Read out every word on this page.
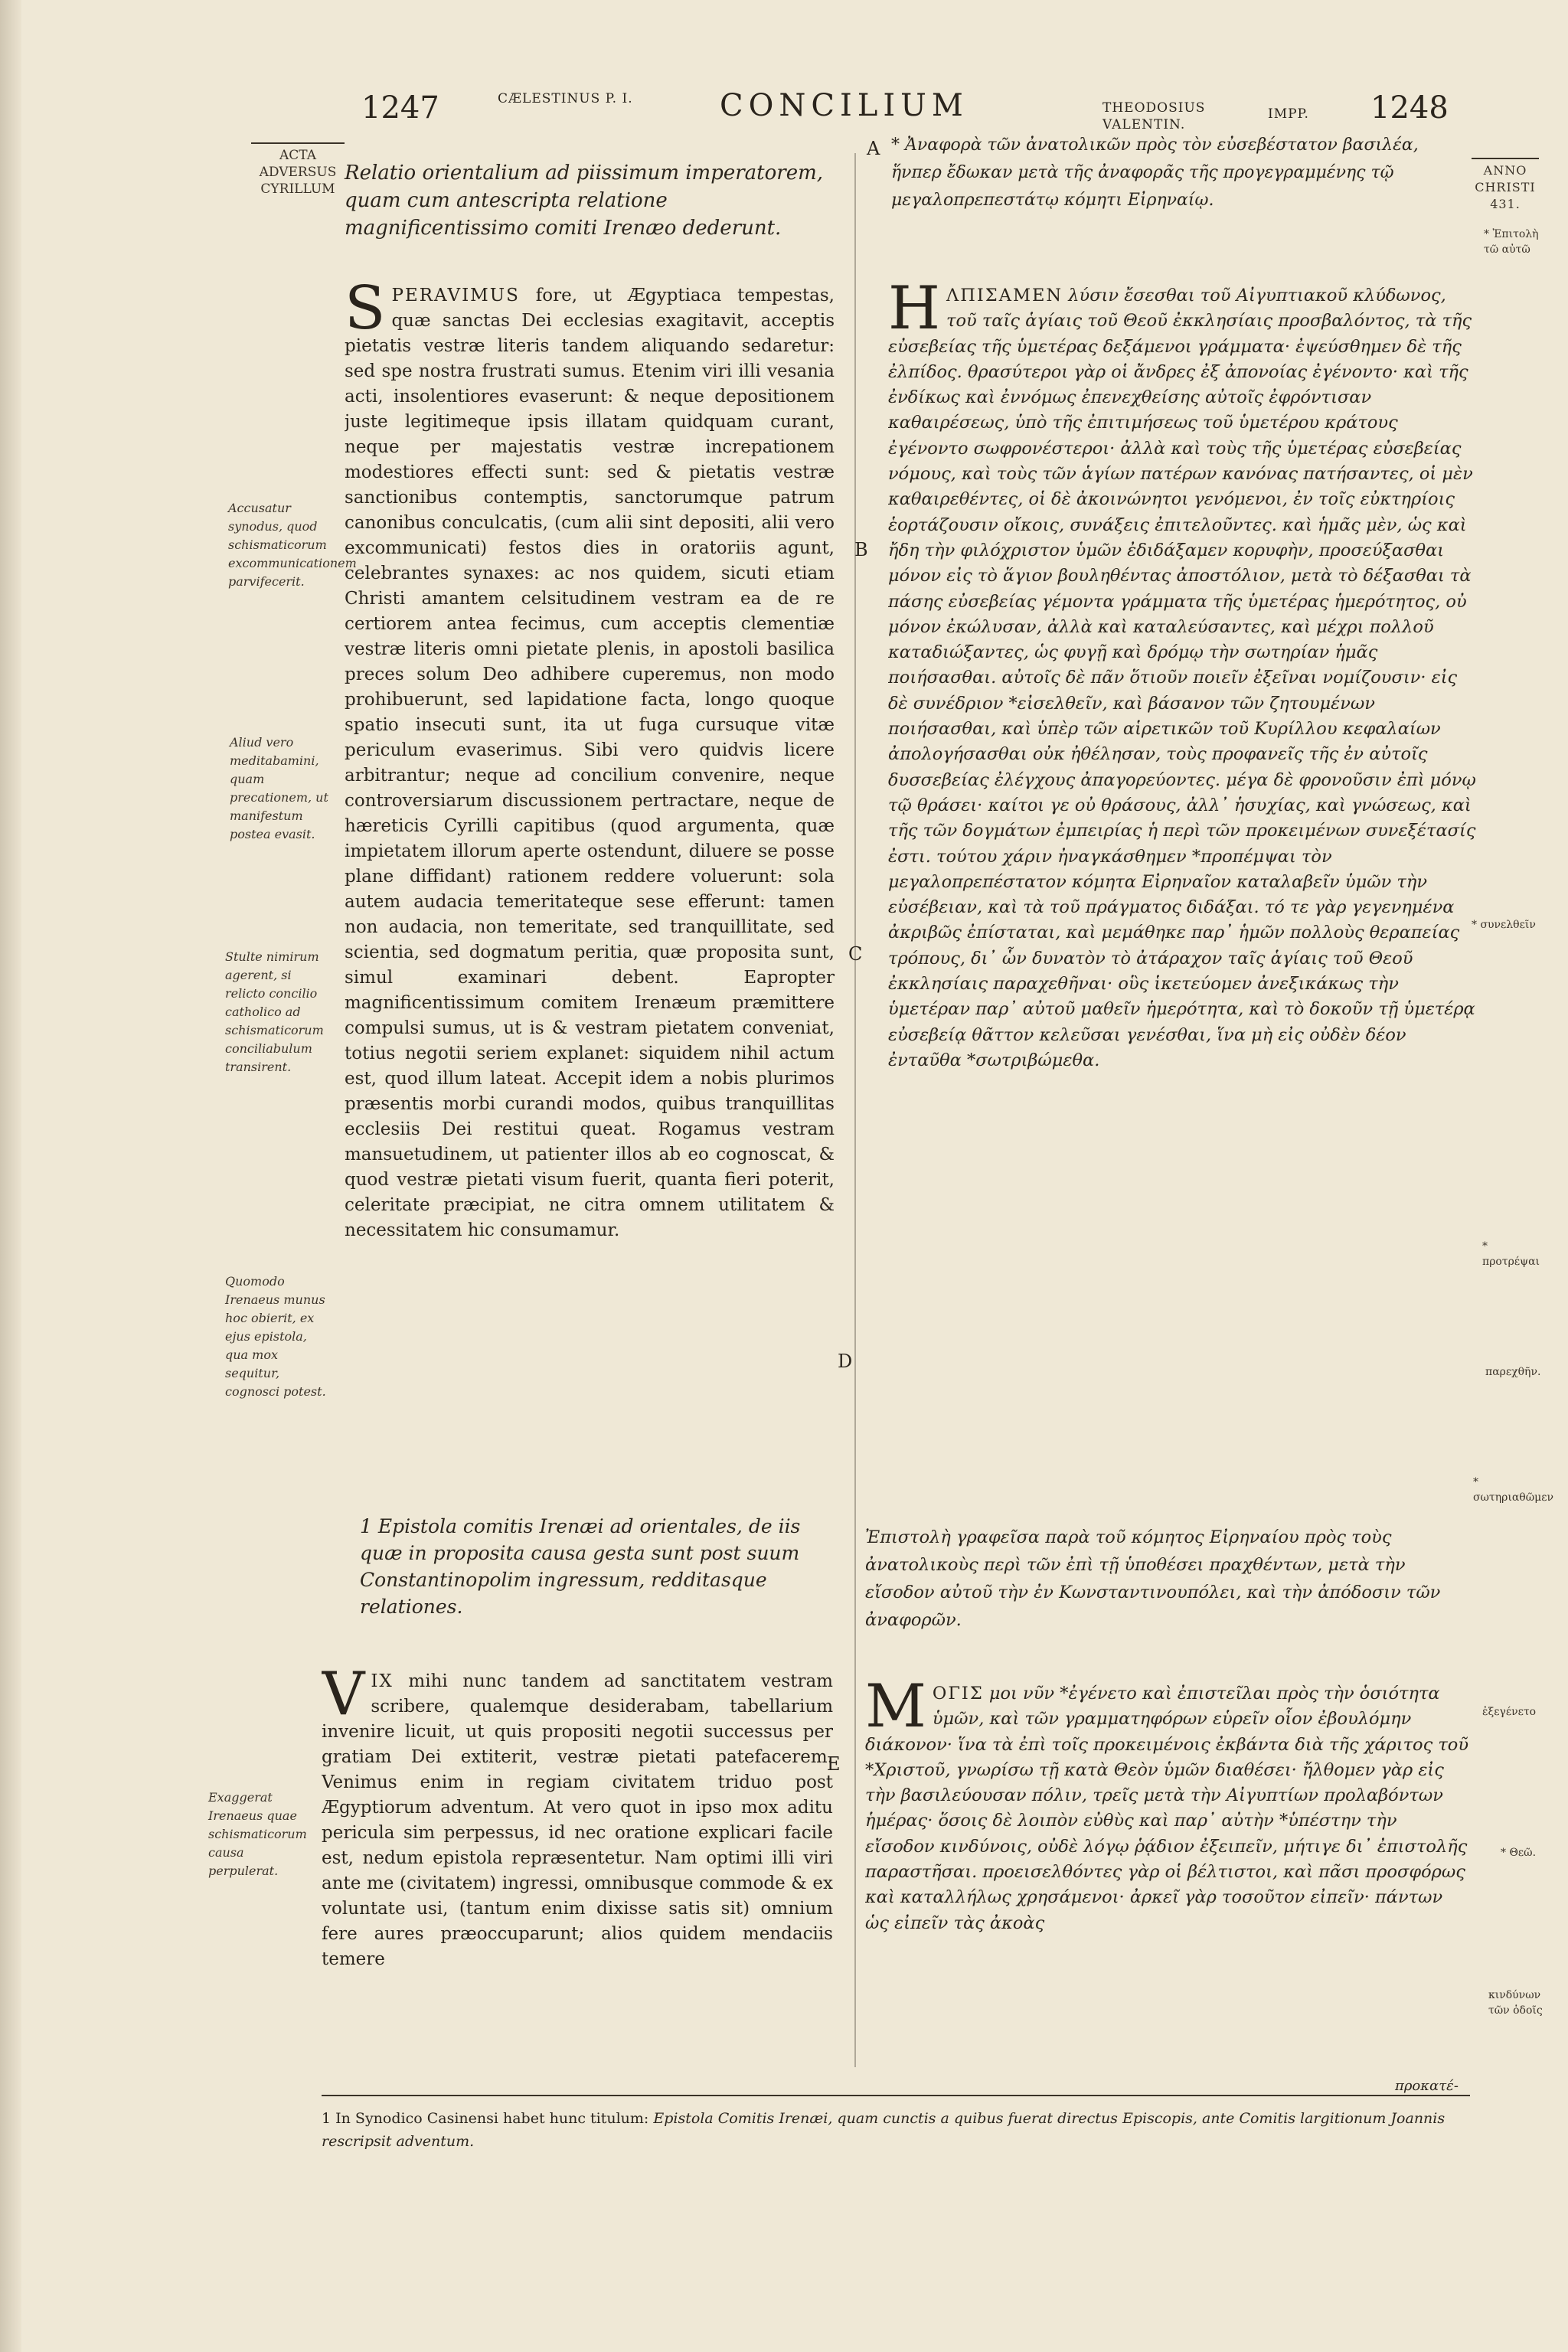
1247	CÆLESTINUS P. I.	CONCILIUM	THEODOSIUS VALENTIN.
IMPP. 1248
ACTA ADVERSUS CYRILLUM
Accusatur synodus, quod schismaticorum excommunicationem parvifecerit.
Aliud vero meditabamini, quam precationem, ut manifestum postea evasit.
Stulte nimirum agerent, si relicto concilio catholico ad schismaticorum conciliabulum transirent.
Quomodo Irenaeus munus hoc obierit, ex ejus epistola, qua mox sequitur, cognosci potest.
Exaggerat Irenaeus quae schismaticorum causa perpulerat.
ANNO CHRISTI 431.
* Ἐπιτολὴ τῶ αὐτῶ
* συνελθεῖν
* προτρέψαι
παρεχθῆν.
* σωτηριαθῶμεν
ἐξεγένετο
* Θεῶ.
κινδύνων τῶν ὁδοῖς
A
B
C
D
E
Relatio orientalium ad piissimum imperatorem, quam cum antescripta relatione magnificentissimo comiti Irenæo dederunt.
SPERAVIMUS fore, ut Ægyptiaca tempestas, quæ sanctas Dei ecclesias exagitavit, acceptis pietatis vestræ literis tandem aliquando sedaretur: sed spe nostra frustrati sumus. Etenim viri illi vesania acti, insolentiores evaserunt: & neque depositionem juste legitimeque ipsis illatam quidquam curant, neque per majestatis vestræ increpationem modestiores effecti sunt: sed & pietatis vestræ sanctionibus contemptis, sanctorumque patrum canonibus conculcatis, (cum alii sint depositi, alii vero excommunicati) festos dies in oratoriis agunt, celebrantes synaxes: ac nos quidem, sicuti etiam Christi amantem celsitudinem vestram ea de re certiorem antea fecimus, cum acceptis clementiæ vestræ literis omni pietate plenis, in apostoli basilica preces solum Deo adhibere cuperemus, non modo prohibuerunt, sed lapidatione facta, longo quoque spatio insecuti sunt, ita ut fuga cursuque vitæ periculum evaserimus. Sibi vero quidvis licere arbitrantur; neque ad concilium convenire, neque controversiarum discussionem pertractare, neque de hæreticis Cyrilli capitibus (quod argumenta, quæ impietatem illorum aperte ostendunt, diluere se posse plane diffidant) rationem reddere voluerunt: sola autem audacia temeritateque sese efferunt: tamen non audacia, non temeritate, sed tranquillitate, sed scientia, sed dogmatum peritia, quæ proposita sunt, simul examinari debent. Eapropter magnificentissimum comitem Irenæum præmittere compulsi sumus, ut is & vestram pietatem conveniat, totius negotii seriem explanet: siquidem nihil actum est, quod illum lateat. Accepit idem a nobis plurimos præsentis morbi curandi modos, quibus tranquillitas ecclesiis Dei restitui queat. Rogamus vestram mansuetudinem, ut patienter illos ab eo cognoscat, & quod vestræ pietati visum fuerit, quanta fieri poterit, celeritate præcipiat, ne citra omnem utilitatem & necessitatem hic consumamur.
1 Epistola comitis Irenæi ad orientales, de iis quæ in proposita causa gesta sunt post suum Constantinopolim ingressum, redditasque relationes.
VIX mihi nunc tandem ad sanctitatem vestram scribere, qualemque desiderabam, tabellarium invenire licuit, ut quis propositi negotii successus per gratiam Dei extiterit, vestræ pietati patefacerem. Venimus enim in regiam civitatem triduo post Ægyptiorum adventum. At vero quot in ipso mox aditu pericula sim perpessus, id nec oratione explicari facile est, nedum epistola repræsentetur. Nam optimi illi viri ante me (civitatem) ingressi, omnibusque commode & ex voluntate usi, (tantum enim dixisse satis sit) omnium fere aures præoccuparunt; alios quidem mendaciis temere
* Ἀναφορὰ τῶν ἀνατολικῶν πρὸς τὸν εὐσεβέστατον βασιλέα, ἥνπερ ἔδωκαν μετὰ τῆς ἀναφορᾶς τῆς προγεγραμμένης τῷ μεγαλοπρεπεστάτῳ κόμητι Εἰρηναίῳ.
ΗΛΠΙΣΑΜΕΝ λύσιν ἔσεσθαι τοῦ Αἰγυπτιακοῦ κλύδωνος, τοῦ ταῖς ἁγίαις τοῦ Θεοῦ ἐκκλησίαις προσβαλόντος, τὰ τῆς εὐσεβείας τῆς ὑμετέρας δεξάμενοι γράμματα· ἐψεύσθημεν δὲ τῆς ἐλπίδος. θρασύτεροι γὰρ οἱ ἄνδρες ἐξ ἀπονοίας ἐγένοντο· καὶ τῆς ἐνδίκως καὶ ἐννόμως ἐπενεχθείσης αὐτοῖς ἐφρόντισαν καθαιρέσεως, ὑπὸ τῆς ἐπιτιμήσεως τοῦ ὑμετέρου κράτους ἐγένοντο σωφρονέστεροι· ἀλλὰ καὶ τοὺς τῆς ὑμετέρας εὐσεβείας νόμους, καὶ τοὺς τῶν ἁγίων πατέρων κανόνας πατήσαντες, οἱ μὲν καθαιρεθέντες, οἱ δὲ ἀκοινώνητοι γενόμενοι, ἐν τοῖς εὐκτηρίοις ἑορτάζουσιν οἴκοις, συνάξεις ἐπιτελοῦντες. καὶ ἡμᾶς μὲν, ὡς καὶ ἤδη τὴν φιλόχριστον ὑμῶν ἐδιδάξαμεν κορυφὴν, προσεύξασθαι μόνον εἰς τὸ ἅγιον βουληθέντας ἀποστόλιον, μετὰ τὸ δέξασθαι τὰ πάσης εὐσεβείας γέμοντα γράμματα τῆς ὑμετέρας ἡμερότητος, οὐ μόνον ἐκώλυσαν, ἀλλὰ καὶ καταλεύσαντες, καὶ μέχρι πολλοῦ καταδιώξαντες, ὡς φυγῇ καὶ δρόμῳ τὴν σωτηρίαν ἡμᾶς ποιήσασθαι. αὐτοῖς δὲ πᾶν ὅτιοῦν ποιεῖν ἐξεῖναι νομίζουσιν· εἰς δὲ συνέδριον *εἰσελθεῖν, καὶ βάσανον τῶν ζητουμένων ποιήσασθαι, καὶ ὑπὲρ τῶν αἱρετικῶν τοῦ Κυρίλλου κεφαλαίων ἀπολογήσασθαι οὐκ ἠθέλησαν, τοὺς προφανεῖς τῆς ἐν αὐτοῖς δυσσεβείας ἐλέγχους ἀπαγορεύοντες. μέγα δὲ φρονοῦσιν ἐπὶ μόνῳ τῷ θράσει· καίτοι γε οὐ θράσους, ἀλλ᾽ ἡσυχίας, καὶ γνώσεως, καὶ τῆς τῶν δογμάτων ἐμπειρίας ἡ περὶ τῶν προκειμένων συνεξέτασίς ἐστι. τούτου χάριν ἠναγκάσθημεν *προπέμψαι τὸν μεγαλοπρεπέστατον κόμητα Εἰρηναῖον καταλαβεῖν ὑμῶν τὴν εὐσέβειαν, καὶ τὰ τοῦ πράγματος διδάξαι. τό τε γὰρ γεγενημένα ἀκριβῶς ἐπίσταται, καὶ μεμάθηκε παρ᾽ ἡμῶν πολλοὺς θεραπείας τρόπους, δι᾽ ὧν δυνατὸν τὸ ἀτάραχον ταῖς ἁγίαις τοῦ Θεοῦ ἐκκλησίαις παραχεθῆναι· οὓς ἱκετεύομεν ἀνεξικάκως τὴν ὑμετέραν παρ᾽ αὐτοῦ μαθεῖν ἡμερότητα, καὶ τὸ δοκοῦν τῇ ὑμετέρᾳ εὐσεβείᾳ θᾶττον κελεῦσαι γενέσθαι, ἵνα μὴ εἰς οὐδὲν δέον ἐνταῦθα *σωτριβώμεθα.
Ἐπιστολὴ γραφεῖσα παρὰ τοῦ κόμητος Εἰρηναίου πρὸς τοὺς ἀνατολικοὺς περὶ τῶν ἐπὶ τῇ ὑποθέσει πραχθέντων, μετὰ τὴν εἴσοδον αὐτοῦ τὴν ἐν Κωνσταντινουπόλει, καὶ τὴν ἀπόδοσιν τῶν ἀναφορῶν.
ΜΟΓΙΣ μοι νῦν *ἐγένετο καὶ ἐπιστεῖλαι πρὸς τὴν ὁσιότητα ὑμῶν, καὶ τῶν γραμματηφόρων εὑρεῖν οἷον ἐβουλόμην διάκονον· ἵνα τὰ ἐπὶ τοῖς προκειμένοις ἐκβάντα διὰ τῆς χάριτος τοῦ *Χριστοῦ, γνωρίσω τῇ κατὰ Θεὸν ὑμῶν διαθέσει· ἤλθομεν γὰρ εἰς τὴν βασιλεύουσαν πόλιν, τρεῖς μετὰ τὴν Αἰγυπτίων προλαβόντων ἡμέρας· ὅσοις δὲ λοιπὸν εὐθὺς καὶ παρ᾽ αὐτὴν *ὑπέστην τὴν εἴσοδον κινδύνοις, οὐδὲ λόγῳ ῥᾴδιον ἐξειπεῖν, μήτιγε δι᾽ ἐπιστολῆς παραστῆσαι. προεισελθόντες γὰρ οἱ βέλτιστοι, καὶ πᾶσι προσφόρως καὶ καταλλήλως χρησάμενοι· ἀρκεῖ γὰρ τοσοῦτον εἰπεῖν· πάντων ὡς εἰπεῖν τὰς ἀκοὰς
προκατέ-
1 In Synodico Casinensi habet hunc titulum: Epistola Comitis Irenæi, quam cunctis a quibus fuerat directus Episcopis, ante Comitis largitionum Joannis rescripsit adventum.
